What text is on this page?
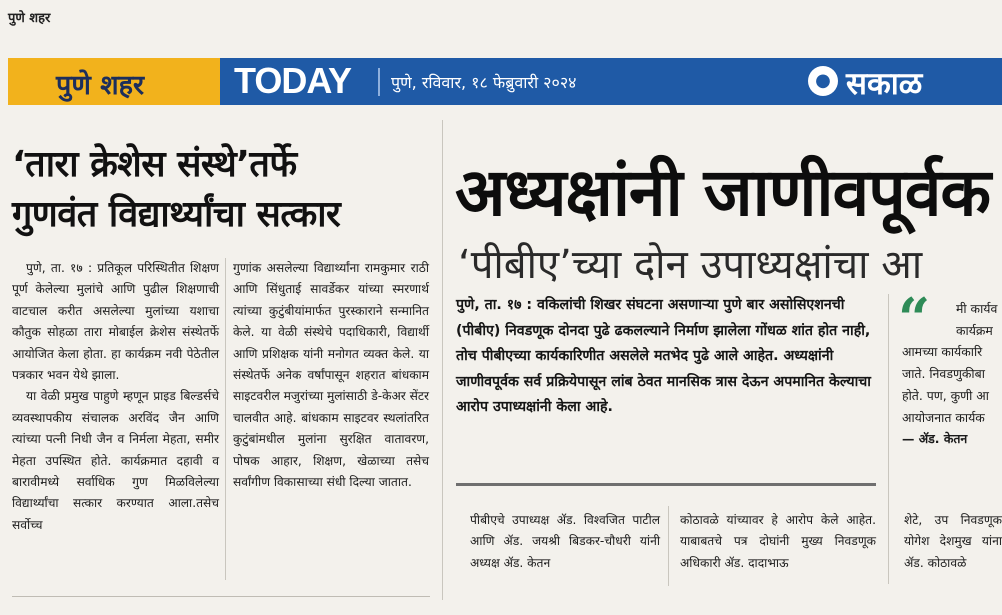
पुणे शहर
पुणे शहर	TODAY पुणे, रविवार, १८ फेब्रुवारी २०२४	● सकाळ
‘तारा क्रेशेस संस्थे’तर्फे
गुणवंत विद्यार्थ्यांचा सत्कार

पुणे, ता. १७ : प्रतिकूल परिस्थितीत शिक्षण पूर्ण केलेल्या मुलांचे आणि पुढील शिक्षणाची वाटचाल करीत असलेल्या मुलांच्या यशाचा कौतुक सोहळा तारा मोबाईल क्रेशेस संस्थेतर्फे आयोजित केला होता. हा कार्यक्रम नवी पेठेतील पत्रकार भवन येथे झाला.

या वेळी प्रमुख पाहुणे म्हणून प्राइड बिल्डर्सचे व्यवस्थापकीय संचालक अरविंद जैन आणि त्यांच्या पत्नी निधी जैन व निर्मला मेहता, समीर मेहता उपस्थित होते. कार्यक्रमात दहावी व बारावीमध्ये सर्वाधिक गुण मिळविलेल्या विद्यार्थ्यांचा सत्कार करण्यात आला.तसेच सर्वोच्च

गुणांक असलेल्या विद्यार्थ्यांना रामकुमार राठी आणि सिंधुताई सावर्डेकर यांच्या स्मरणार्थ त्यांच्या कुटुंबीयांमार्फत पुरस्काराने सन्मानित केले. या वेळी संस्थेचे पदाधिकारी, विद्यार्थी आणि प्रशिक्षक यांनी मनोगत व्यक्त केले. या संस्थेतर्फे अनेक वर्षांपासून शहरात बांधकाम साइटवरील मजुरांच्या मुलांसाठी डे-केअर सेंटर चालवीत आहे. बांधकाम साइटवर स्थलांतरित कुटुंबांमधील मुलांना सुरक्षित वातावरण, पोषक आहार, शिक्षण, खेळाच्या तसेच सर्वांगीण विकासाच्या संधी दिल्या जातात.

अध्यक्षांनी जाणीवपूर्वक
‘पीबीए’च्या दोन उपाध्यक्षांचा आ
पुणे, ता. १७ : वकिलांची शिखर संघटना असणाऱ्या पुणे बार असोसिएशनची (पीबीए) निवडणूक दोनदा पुढे ढकलल्याने निर्माण झालेला गोंधळ शांत होत नाही, तोच पीबीएच्या कार्यकारिणीत असलेले मतभेद पुढे आले आहेत. अध्यक्षांनी जाणीवपूर्वक सर्व प्रक्रियेपासून लांब ठेवत मानसिक त्रास देऊन अपमानित केल्याचा आरोप उपाध्यक्षांनी केला आहे.
पीबीएचे उपाध्यक्ष ॲड. विश्वजित पाटील आणि ॲड. जयश्री बिडकर-चौधरी यांनी अध्यक्ष ॲड. केतन
कोठावळे यांच्यावर हे आरोप केले आहेत. याबाबतचे पत्र दोघांनी मुख्य निवडणूक अधिकारी ॲड. दादाभाऊ
शेटे, उप निवडणूक योगेश देशमुख यांना ॲड. कोठावळे
“	मी कार्यव
कार्यक्रम
आमच्या कार्यकारि
जाते. निवडणुकीबा
होते. पण, कुणी आ
आयोजनात कार्यक
— ॲड. केतन
